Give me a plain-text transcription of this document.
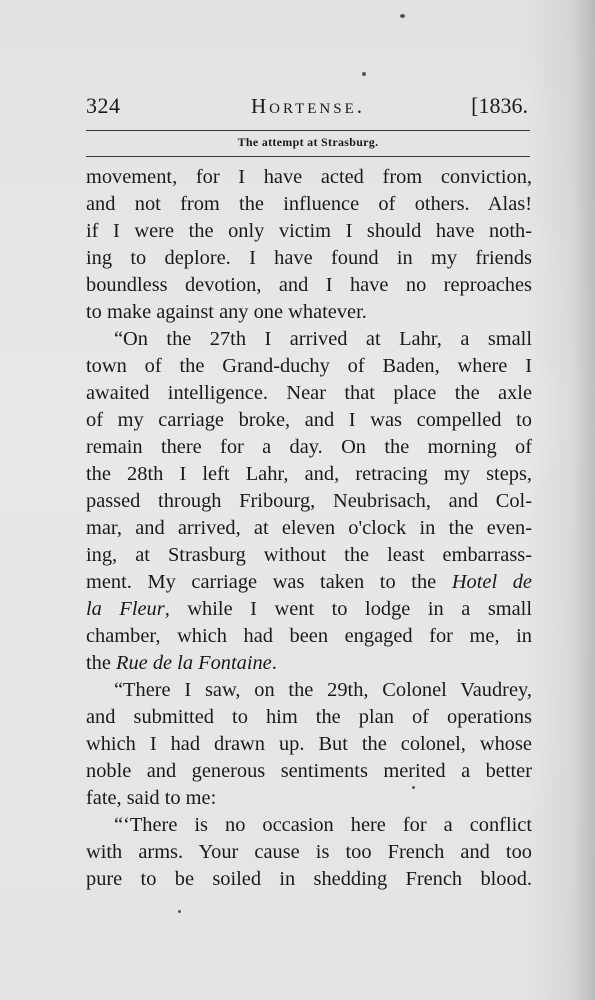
324	Hortense.	[1836.
The attempt at Strasburg.
movement, for I have acted from conviction,
and not from the influence of others. Alas!
if I were the only victim I should have noth-
ing to deplore. I have found in my friends
boundless devotion, and I have no reproaches
to make against any one whatever.
“On the 27th I arrived at Lahr, a small
town of the Grand-duchy of Baden, where I
awaited intelligence. Near that place the axle
of my carriage broke, and I was compelled to
remain there for a day. On the morning of
the 28th I left Lahr, and, retracing my steps,
passed through Fribourg, Neubrisach, and Col-
mar, and arrived, at eleven o'clock in the even-
ing, at Strasburg without the least embarrass-
ment. My carriage was taken to the Hotel de
la Fleur, while I went to lodge in a small
chamber, which had been engaged for me, in
the Rue de la Fontaine.
“There I saw, on the 29th, Colonel Vaudrey,
and submitted to him the plan of operations
which I had drawn up. But the colonel, whose
noble and generous sentiments merited a better
fate, said to me:
“‘There is no occasion here for a conflict
with arms. Your cause is too French and too
pure to be soiled in shedding French blood.
